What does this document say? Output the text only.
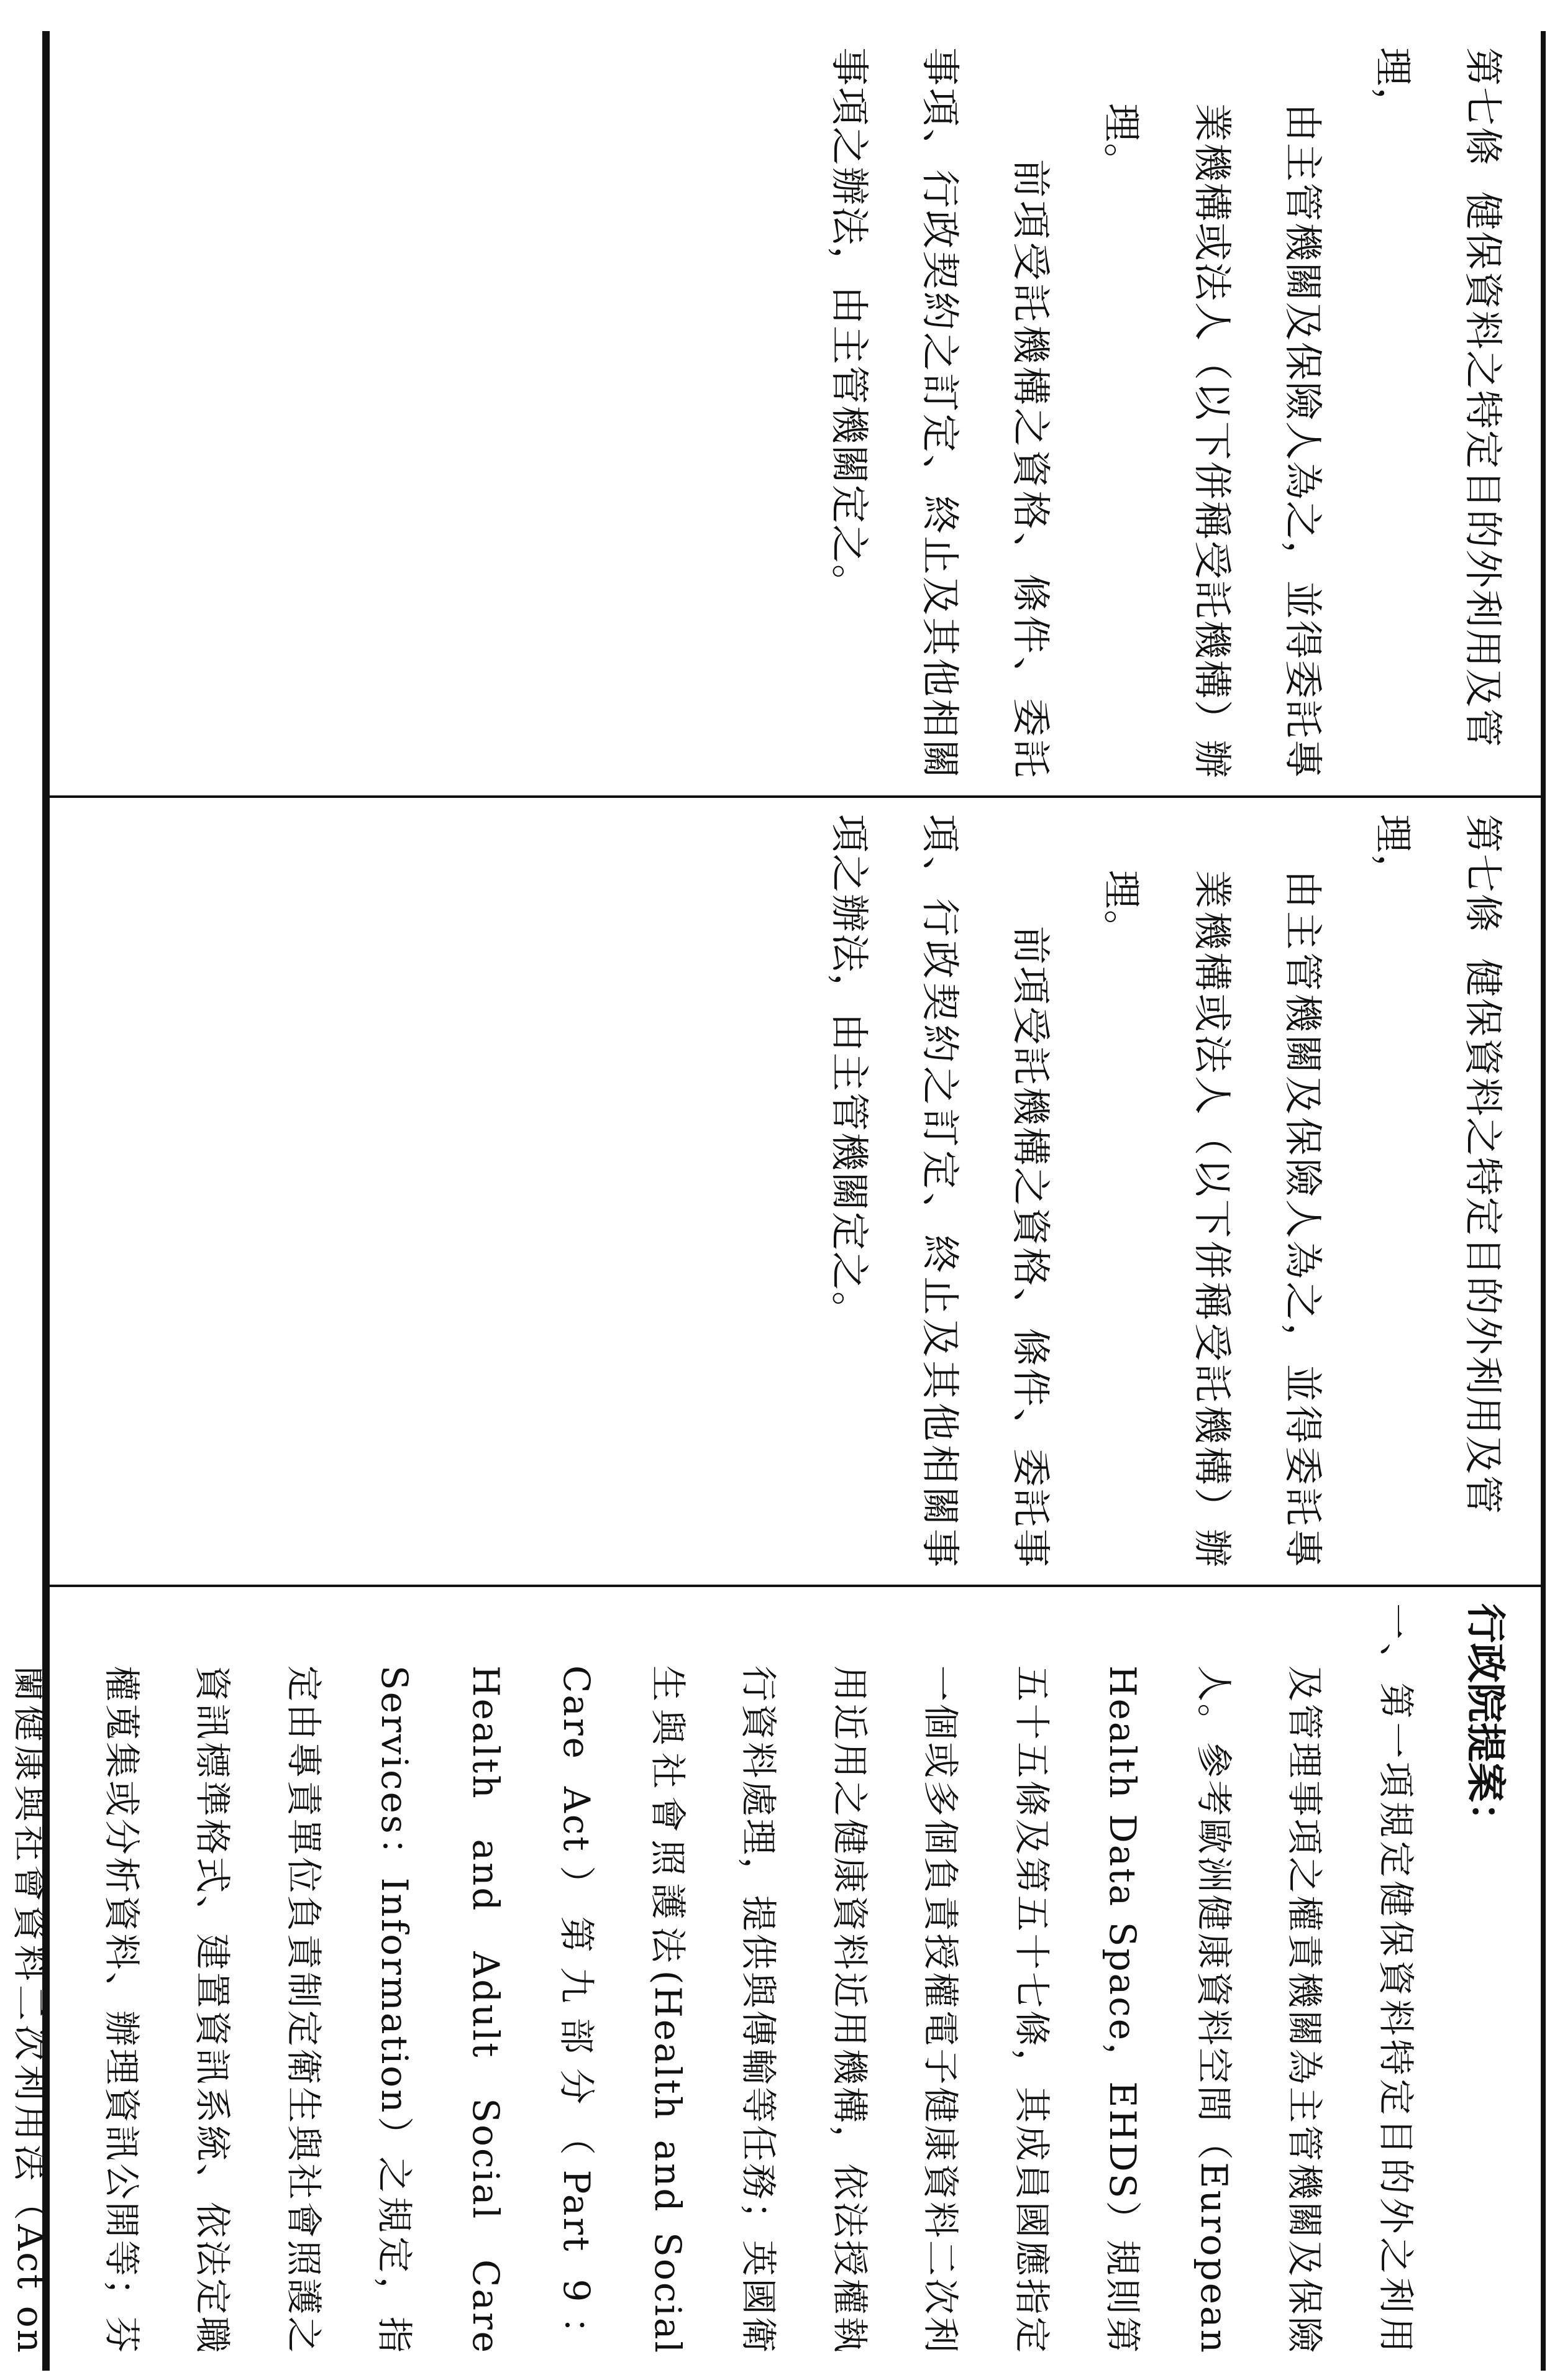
第七條健保資料之特定目的外利用及管理，

由主管機關及保險人為之，並得委託專業機構或法人（以下併稱受託機構）辦理。

前項受託機構之資格、條件、委託事項、行政契約之訂定、終止及其他相關事項之辦法，由主管機關定之。

第七條健保資料之特定目的外利用及管理，

由主管機關及保險人為之，並得委託專業機構或法人（以下併稱受託機構）辦理。

前項受託機構之資格、條件、委託事項、行政契約之訂定、終止及其他相關事項之辦法，由主管機關定之。

行政院提案：

一、第一項規定健保資料特定目的外之利用及管理事項之權責機關為主管機關及保險人。參考歐洲健康資料空間（European Health Data Space，EHDS）規則第五十五條及第五十七條，其成員國應指定一個或多個負責授權電子健康資料二次利用近用之健康資料近用機構，依法授權執行資料處理，提供與傳輸等任務；英國衛生與社會照護法(Health and Social Care Act）第九部分（Part 9：Health and Adult Social Care Services：Information）之規定，指定由專責單位負責制定衛生與社會照護之資訊標準格式、建置資訊系統、依法定職權蒐集或分析資料、辦理資訊公開等；芬蘭健康與社會資料二次利用法（Act on
